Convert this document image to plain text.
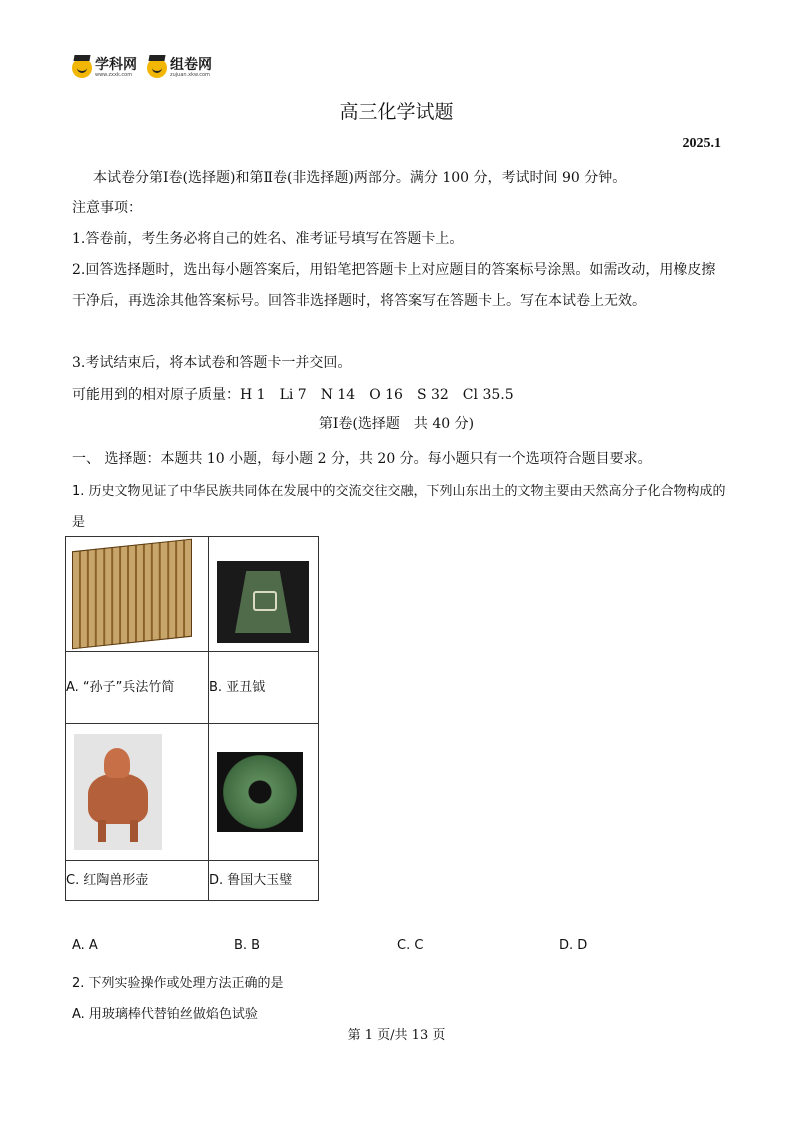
学科网
www.zxxk.com
组卷网
zujuan.xkw.com
高三化学试题
2025.1
本试卷分第Ⅰ卷(选择题)和第Ⅱ卷(非选择题)两部分。满分 100 分，考试时间 90 分钟。
注意事项：
1.答卷前，考生务必将自己的姓名、准考证号填写在答题卡上。
2.回答选择题时，选出每小题答案后，用铅笔把答题卡上对应题目的答案标号涂黑。如需改动，用橡皮擦干净后，再选涂其他答案标号。回答非选择题时，将答案写在答题卡上。写在本试卷上无效。
3.考试结束后，将本试卷和答题卡一并交回。
可能用到的相对原子质量：H 1　Li 7　N 14　O 16　S 32　Cl 35.5
第Ⅰ卷(选择题　共 40 分)
一、 选择题：本题共 10 小题，每小题 2 分，共 20 分。每小题只有一个选项符合题目要求。
1. 历史文物见证了中华民族共同体在发展中的交流交往交融，下列山东出土的文物主要由天然高分子化合物构成的是

A. “孙子”兵法竹简	B. 亚丑钺

C. 红陶兽形壶	D. 鲁国大玉璧
A. A	B. B	C. C	D. D
2. 下列实验操作或处理方法正确的是
A. 用玻璃棒代替铂丝做焰色试验
第 1 页/共 13 页
